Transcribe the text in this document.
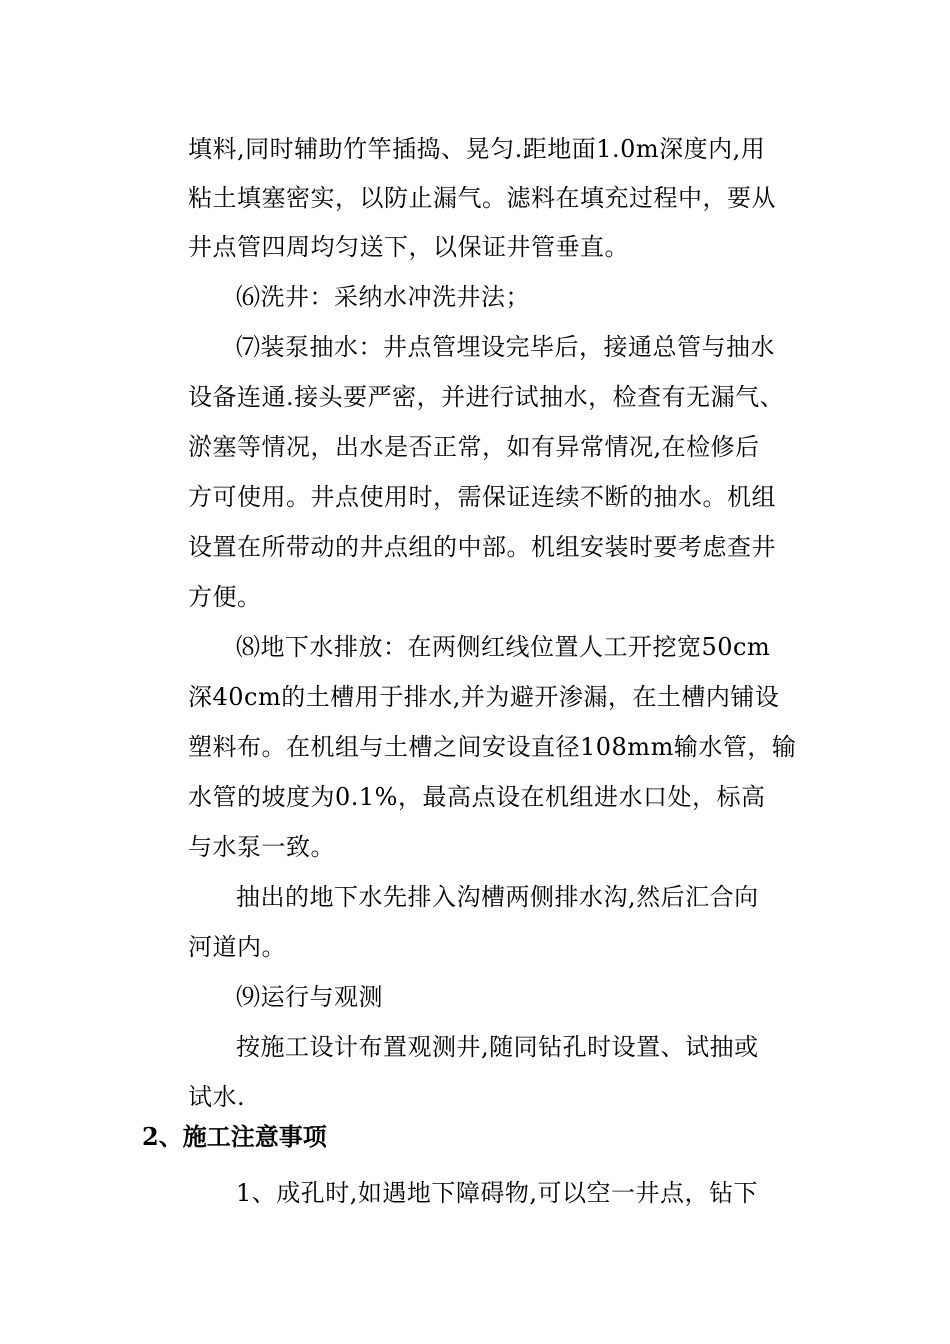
填料,同时辅助竹竿插捣、晃匀.距地面1.0m深度内,用
粘土填塞密实，以防止漏气。滤料在填充过程中，要从
井点管四周均匀送下，以保证井管垂直。
⑹洗井：采纳水冲洗井法；
⑺装泵抽水：井点管埋设完毕后，接通总管与抽水
设备连通.接头要严密，并进行试抽水，检查有无漏气、
淤塞等情况，出水是否正常，如有异常情况,在检修后
方可使用。井点使用时，需保证连续不断的抽水。机组
设置在所带动的井点组的中部。机组安装时要考虑查井
方便。
⑻地下水排放：在两侧红线位置人工开挖宽50cm
深40cm的土槽用于排水,并为避开渗漏，在土槽内铺设
塑料布。在机组与土槽之间安设直径108mm输水管，输
水管的坡度为0.1%，最高点设在机组进水口处，标高
与水泵一致。
抽出的地下水先排入沟槽两侧排水沟,然后汇合向
河道内。
⑼运行与观测
按施工设计布置观测井,随同钻孔时设置、试抽或
试水.
2、施工注意事项
1、成孔时,如遇地下障碍物,可以空一井点，钻下
